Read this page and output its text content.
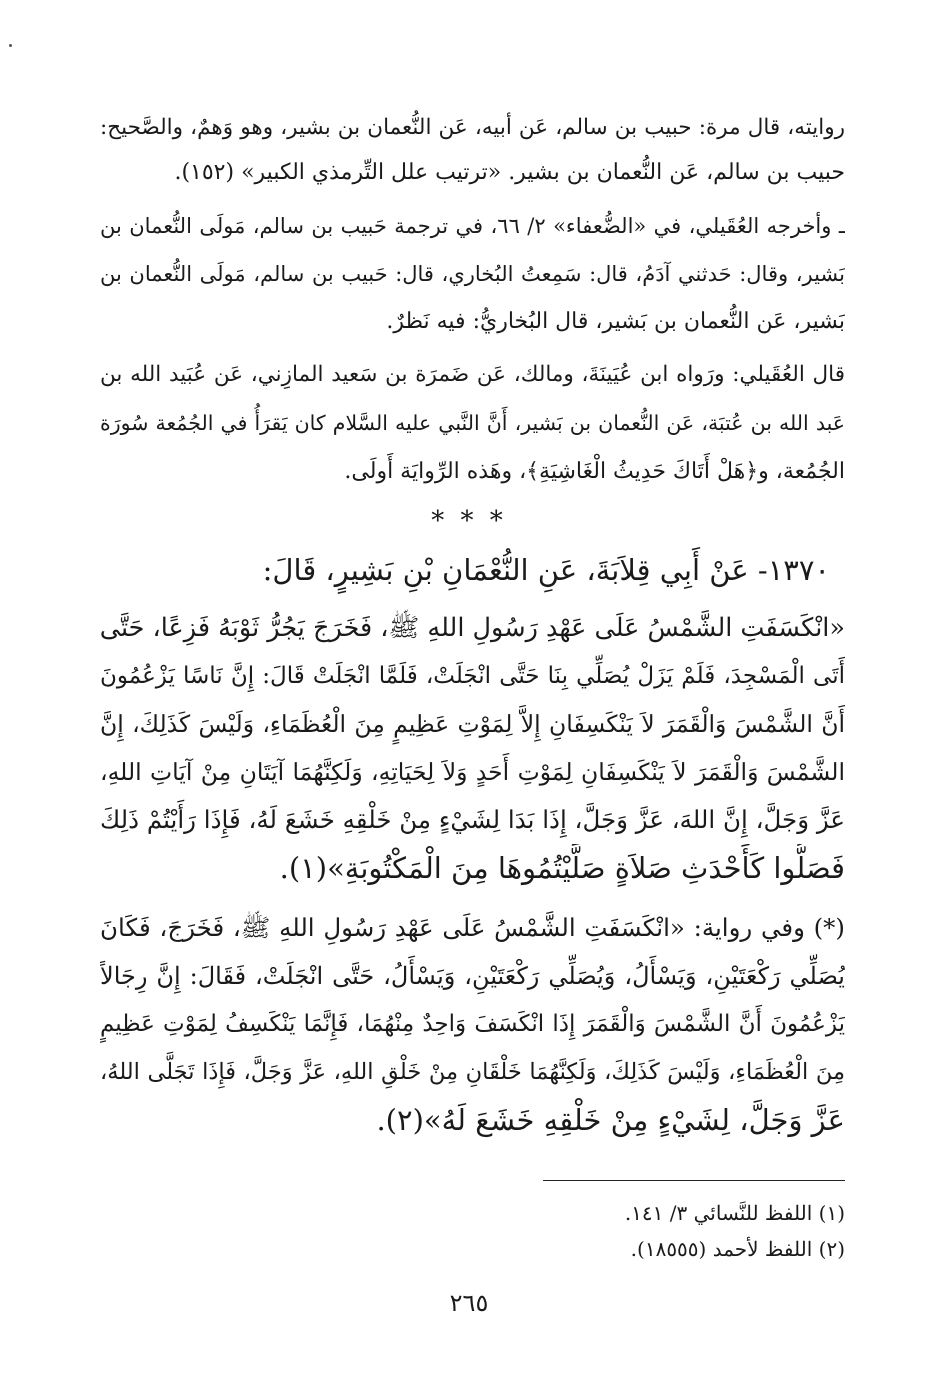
روايته، قال مرة: حبيب بن سالم، عَن أبيه، عَن النُّعمان بن بشير، وهو وَهمٌ، والصَّحيح:
حبيب بن سالم، عَن النُّعمان بن بشير. «ترتيب علل التِّرمذي الكبير» (١٥٢).
ـ وأخرجه العُقَيلي، في «الضُّعفاء» ٢/ ٦٦، في ترجمة حَبيب بن سالم، مَولَى النُّعمان بن
بَشير، وقال: حَدثني آدَمُ، قال: سَمِعتُ البُخاري، قال: حَبيب بن سالم، مَولَى النُّعمان بن
بَشير، عَن النُّعمان بن بَشير، قال البُخاريُّ: فيه نَظرٌ.
قال العُقَيلي: ورَواه ابن عُيَينَةَ، ومالك، عَن ضَمرَة بن سَعيد المازِني، عَن عُبَيد الله بن
عَبد الله بن عُتبَة، عَن النُّعمان بن بَشير، أَنَّ النَّبي عليه السَّلام كان يَقرَأُ في الجُمُعة سُورَة
الجُمُعة، و﴿هَلْ أَتَاكَ حَدِيثُ الْغَاشِيَةِ﴾، وهَذه الرِّوايَة أَولَى.
* * *
١٣٧٠- عَنْ أَبِي قِلاَبَةَ، عَنِ النُّعْمَانِ بْنِ بَشِيرٍ، قَالَ:
«انْكَسَفَتِ الشَّمْسُ عَلَى عَهْدِ رَسُولِ اللهِ ﷺ، فَخَرَجَ يَجُرُّ ثَوْبَهُ فَزِعًا، حَتَّى
أَتَى الْمَسْجِدَ، فَلَمْ يَزَلْ يُصَلِّي بِنَا حَتَّى انْجَلَتْ، فَلَمَّا انْجَلَتْ قَالَ: إِنَّ نَاسًا يَزْعُمُونَ
أَنَّ الشَّمْسَ وَالْقَمَرَ لاَ يَنْكَسِفَانِ إِلاَّ لِمَوْتِ عَظِيمٍ مِنَ الْعُظَمَاءِ، وَلَيْسَ كَذَلِكَ، إِنَّ
الشَّمْسَ وَالْقَمَرَ لاَ يَنْكَسِفَانِ لِمَوْتِ أَحَدٍ وَلاَ لِحَيَاتِهِ، وَلَكِنَّهُمَا آيَتَانِ مِنْ آيَاتِ اللهِ،
عَزَّ وَجَلَّ، إِنَّ اللهَ، عَزَّ وَجَلَّ، إِذَا بَدَا لِشَيْءٍ مِنْ خَلْقِهِ خَشَعَ لَهُ، فَإِذَا رَأَيْتُمْ ذَلِكَ
فَصَلُّوا كَأَحْدَثِ صَلاَةٍ صَلَّيْتُمُوهَا مِنَ الْمَكْتُوبَةِ»(١).
(*) وفي رواية: «انْكَسَفَتِ الشَّمْسُ عَلَى عَهْدِ رَسُولِ اللهِ ﷺ، فَخَرَجَ، فَكَانَ
يُصَلِّي رَكْعَتَيْنِ، وَيَسْأَلُ، وَيُصَلِّي رَكْعَتَيْنِ، وَيَسْأَلُ، حَتَّى انْجَلَتْ، فَقَالَ: إِنَّ رِجَالاً
يَزْعُمُونَ أَنَّ الشَّمْسَ وَالْقَمَرَ إِذَا انْكَسَفَ وَاحِدٌ مِنْهُمَا، فَإِنَّمَا يَنْكَسِفُ لِمَوْتِ عَظِيمٍ
مِنَ الْعُظَمَاءِ، وَلَيْسَ كَذَلِكَ، وَلَكِنَّهُمَا خَلْقَانِ مِنْ خَلْقِ اللهِ، عَزَّ وَجَلَّ، فَإِذَا تَجَلَّى اللهُ،
عَزَّ وَجَلَّ، لِشَيْءٍ مِنْ خَلْقِهِ خَشَعَ لَهُ»(٢).
(١) اللفظ للنَّسائي ٣/ ١٤١.
(٢) اللفظ لأحمد (١٨٥٥٥).
٢٦٥
